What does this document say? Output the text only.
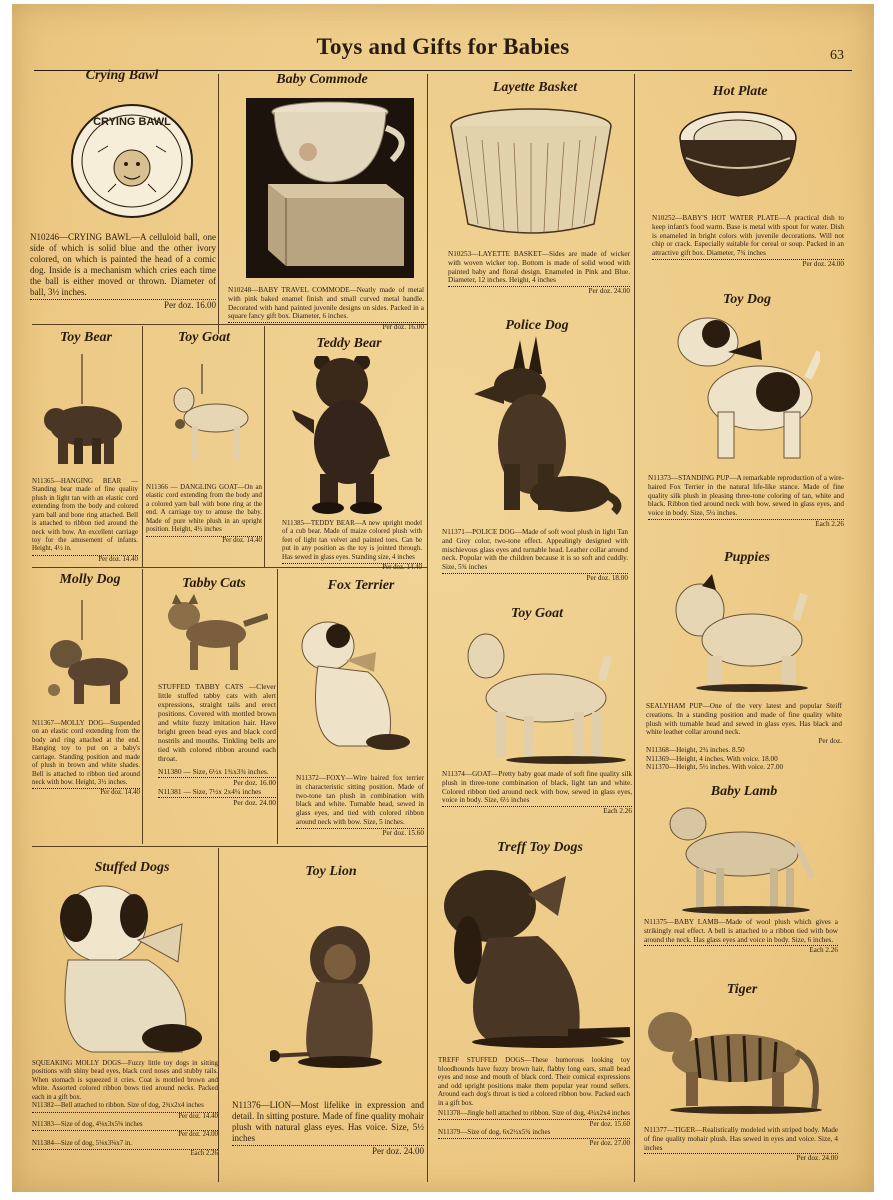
Toys and Gifts for Babies	63
Crying Bawl
CRYING BAWL
N10246—CRYING BAWL—A celluloid ball, one side of which is solid blue and the other ivory colored, on which is painted the head of a comic dog. Inside is a mechanism which cries each time the ball is either moved or thrown. Diameter of ball, 3½ inches.
Per doz. 16.00
Baby Commode
N10248—BABY TRAVEL COMMODE—Neatly made of metal with pink baked enamel finish and small curved metal handle. Decorated with hand painted juvenile designs on sides. Packed in a square fancy gift box. Diameter, 6 inches.
Per doz. 16.00
Layette Basket
N10253—LAYETTE BASKET—Sides are made of wicker with woven wicker top. Bottom is made of solid wood with painted baby and floral design. Enameled in Pink and Blue. Diameter, 12 inches. Height, 4 inches
Per doz. 24.00
Hot Plate
N10252—BABY'S HOT WATER PLATE—A practical dish to keep infant's food warm. Base is metal with spout for water. Dish is enameled in bright colors with juvenile decorations. Will not chip or crack. Especially suitable for cereal or soup. Packed in an attractive gift box. Diameter, 7¾ inches
Per doz. 24.00
Toy Bear
N11365—HANGING BEAR —Standing bear made of fine quality plush in light tan with an elastic cord extending from the body and colored yarn ball and bone ring attached. Bell is attached to ribbon tied around the neck with bow. An excellent carriage toy for the amusement of infants. Height, 4½ in.
Per doz. 14.40
Toy Goat
N11366 — DANGLING GOAT—On an elastic cord extending from the body and a colored yarn ball with bone ring at the end. A carriage toy to amuse the baby. Made of pure white plush in an upright position. Height, 4½ inches
Per doz. 14.40
Teddy Bear
N11385—TEDDY BEAR—A new upright model of a cub bear. Made of maize colored plush with feet of light tan velvet and painted toes. Can be put in any position as the toy is jointed through. Has sewed in glass eyes. Standing size, 4 inches
Per doz. 14.40
Police Dog
N11371—POLICE DOG—Made of soft wool plush in light Tan and Grey color, two-tone effect. Appealingly designed with mischievous glass eyes and turnable head. Leather collar around neck. Popular with the children because it is so soft and cuddly. Size, 5¾ inches
Per doz. 18.00
Toy Dog
N11373—STANDING PUP—A remarkable reproduction of a wire-haired Fox Terrier in the natural life-like stance. Made of fine quality silk plush in pleasing three-tone coloring of tan, white and black. Ribbon tied around neck with bow, sewed in glass eyes, and voice in body. Size, 5¼ inches.
Each 2.26
Molly Dog
N11367—MOLLY DOG—Suspended on an elastic cord extending from the body and ring attached at the end. Hanging toy to put on a baby's carriage. Standing position and made of plush in brown and white shades. Bell is attached to ribbon tied around neck with bow. Height, 3½ inches.
Per doz. 14.40
Tabby Cats
STUFFED TABBY CATS —Clever little stuffed tabby cats with alert expressions, straight tails and erect positions. Covered with mottled brown and white fuzzy imitation hair. Have bright green bead eyes and black cord nostrils and mouths. Tinkling bells are tied with colored ribbon around each throat.
N11380 — Size, 6½x 1¾x3¾ inches.
Per doz. 16.00
N11381 — Size, 7½x 2x4¼ inches
Per doz. 24.00
Fox Terrier
N11372—FOXY—Wire haired fox terrier in characteristic sitting position. Made of two-tone tan plush in combination with black and white. Turnable head, sewed in glass eyes, and tied with colored ribbon around neck with bow. Size, 5 inches.
Per doz. 15.60
Toy Goat
N11374—GOAT—Pretty baby goat made of soft fine quality silk plush in three-tone combination of black, light tan and white. Colored ribbon tied around neck with bow, sewed in glass eyes, voice in body. Size, 6½ inches
Each 2.26
Puppies
SEALYHAM PUP—One of the very latest and popular Steiff creations. In a standing position and made of fine quality white plush with turnable head and sewed in glass eyes. Has black and white leather collar around neck.
Per doz.
N11368—Height, 2¾ inches. 8.50
N11369—Height, 4 inches. With voice. 18.00
N11370—Height, 5½ inches. With voice. 27.00
Stuffed Dogs
SQUEAKING MOLLY DOGS—Fuzzy little toy dogs in sitting positions with shiny bead eyes, black cord noses and stubby tails. When stomach is squeezed it cries. Coat is mottled brown and white. Assorted colored ribbon bows tied around necks. Packed each in a gift box.
N11382—Bell attached to ribbon. Size of dog, 2¾x2x4 inches
Per doz. 14.40
N11383—Size of dog, 4⅛x3x5⅛ inches
Per doz. 24.00
N11384—Size of dog, 5⅛x3⅜x7 in.
Each 2.26
Toy Lion
N11376—LION—Most lifelike in expression and detail. In sitting posture. Made of fine quality mohair plush with natural glass eyes. Has voice. Size, 5½ inches
Per doz. 24.00
Treff Toy Dogs
TREFF STUFFED DOGS—These humorous looking toy bloodhounds have fuzzy brown hair, flabby long ears, small bead eyes and nose and mouth of black cord. Their comical expressions and odd upright positions make them popular year round sellers. Around each dog's throat is tied a colored ribbon bow. Packed each in a gift box.
N11378—Jingle bell attached to ribbon. Size of dog, 4¾x2x4 inches
Per doz. 15.60
N11379—Size of dog, 6x2½x5¾ inches
Per doz. 27.00
Baby Lamb
N11375—BABY LAMB—Made of wool plush which gives a strikingly real effect. A bell is attached to a ribbon tied with bow around the neck. Has glass eyes and voice in body. Size, 6 inches.
Each 2.26
Tiger
N11377—TIGER—Realistically modeled with striped body. Made of fine quality mohair plush. Has sewed in eyes and voice. Size, 4 inches
Per doz. 24.00
